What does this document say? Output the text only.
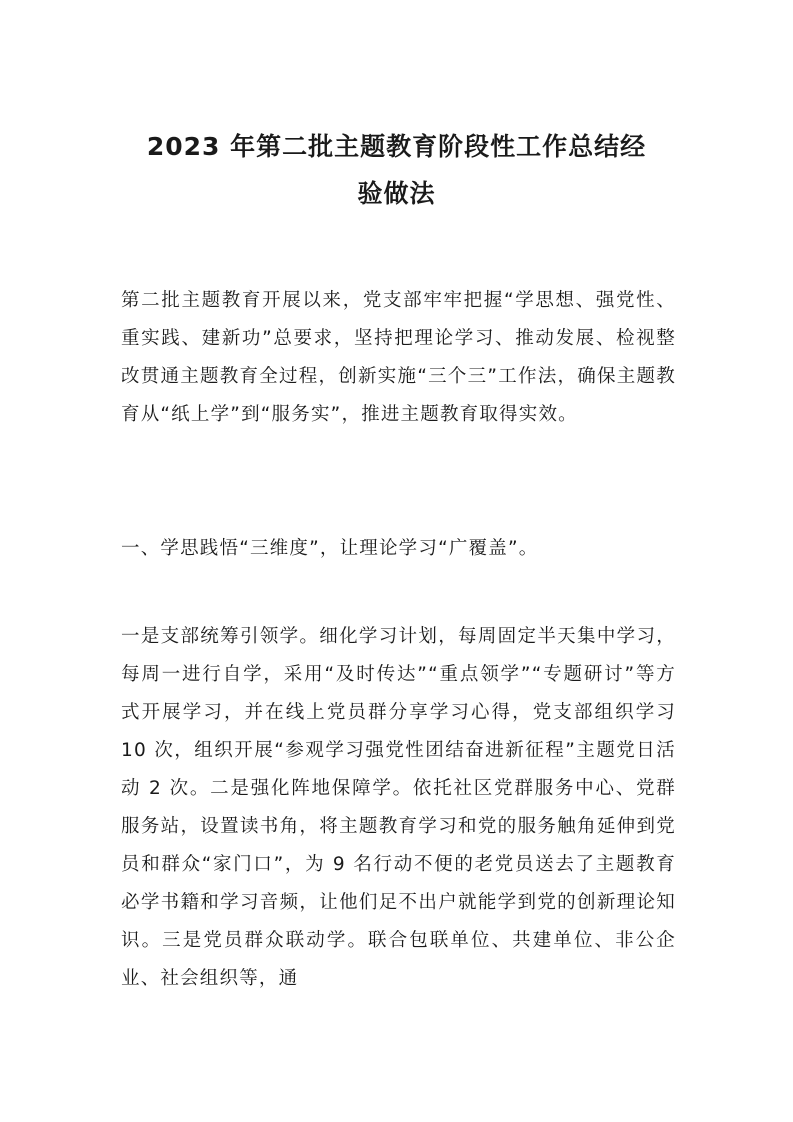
2023 年第二批主题教育阶段性工作总结经
验做法

第二批主题教育开展以来，党支部牢牢把握“学思想、强党性、重实践、建新功”总要求，坚持把理论学习、推动发展、检视整改贯通主题教育全过程，创新实施“三个三”工作法，确保主题教育从“纸上学”到“服务实”，推进主题教育取得实效。

一、学思践悟“三维度”，让理论学习“广覆盖”。

一是支部统筹引领学。细化学习计划，每周固定半天集中学习，每周一进行自学，采用“及时传达”“重点领学”“专题研讨”等方式开展学习，并在线上党员群分享学习心得，党支部组织学习 10 次，组织开展“参观学习强党性团结奋进新征程”主题党日活动 2 次。二是强化阵地保障学。依托社区党群服务中心、党群服务站，设置读书角，将主题教育学习和党的服务触角延伸到党员和群众“家门口”，为 9 名行动不便的老党员送去了主题教育必学书籍和学习音频，让他们足不出户就能学到党的创新理论知识。三是党员群众联动学。联合包联单位、共建单位、非公企业、社会组织等，通
